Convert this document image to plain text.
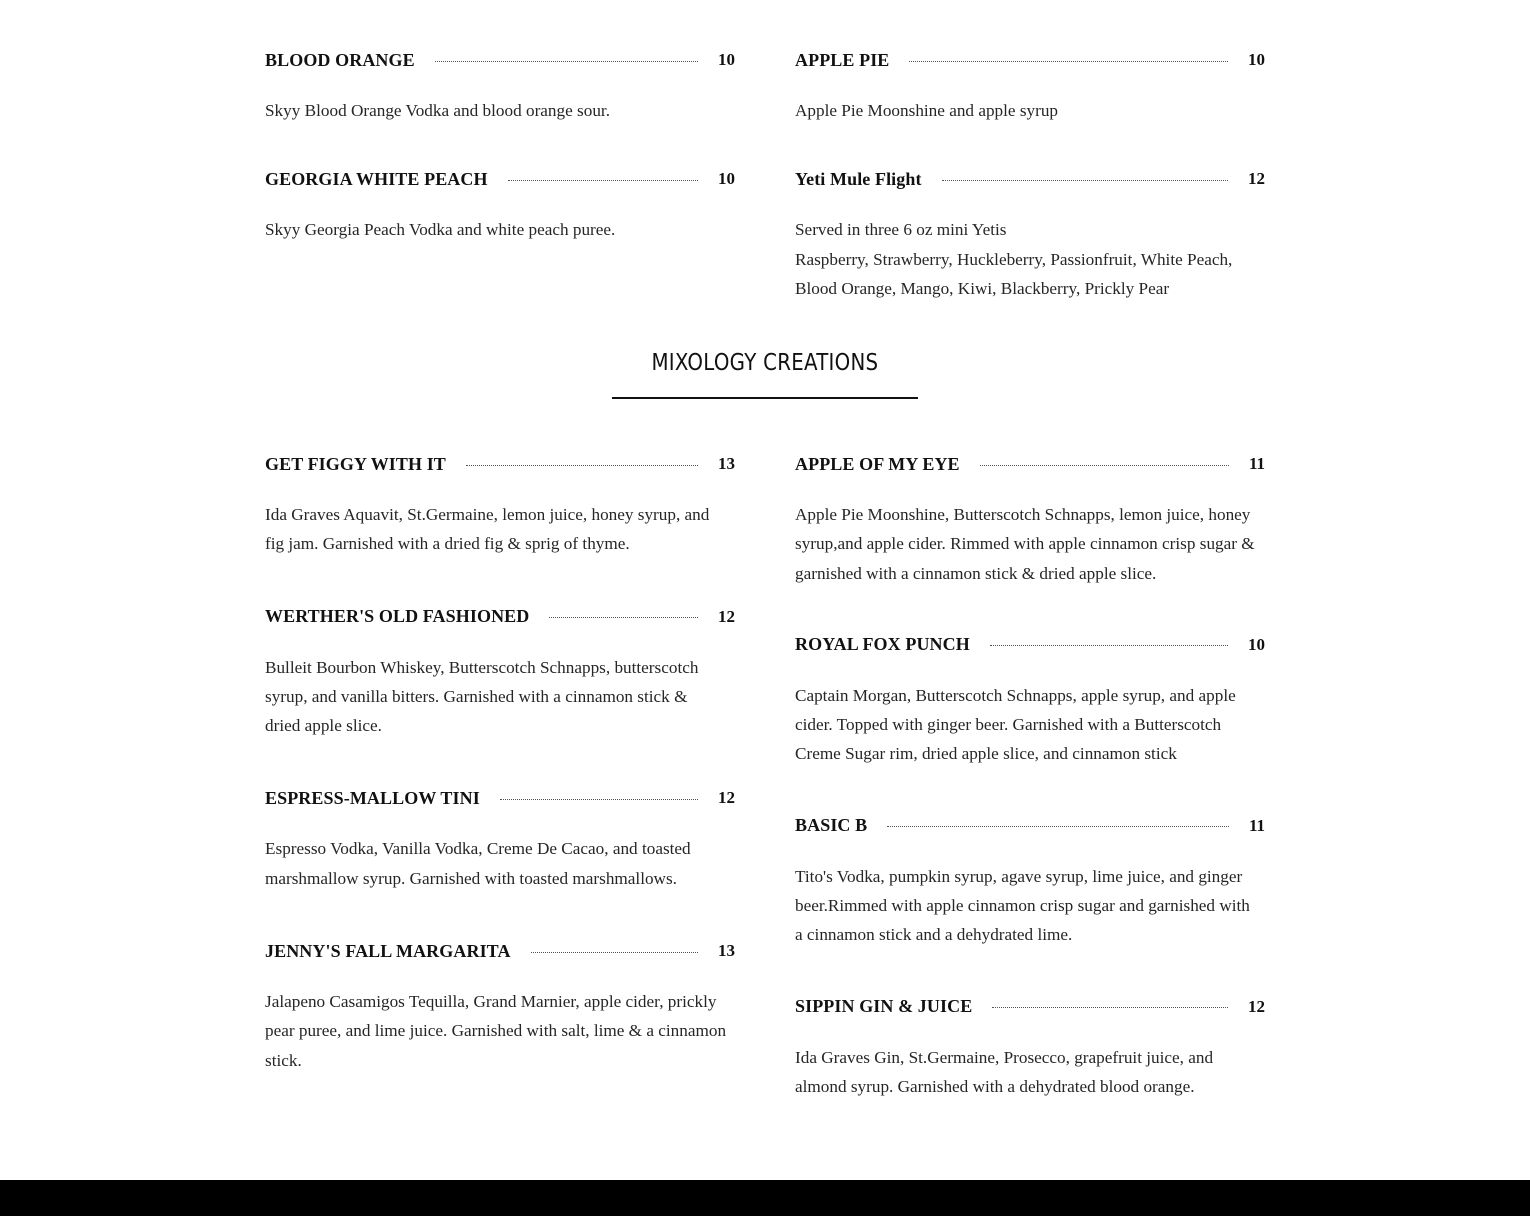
BLOOD ORANGE	10
Skyy Blood Orange Vodka and blood orange sour.
GEORGIA WHITE PEACH	10
Skyy Georgia Peach Vodka and white peach puree.
APPLE PIE	10
Apple Pie Moonshine and apple syrup
Yeti Mule Flight	12
Served in three 6 oz mini Yetis
Raspberry, Strawberry, Huckleberry, Passionfruit, White Peach,
Blood Orange, Mango, Kiwi, Blackberry, Prickly Pear
MIXOLOGY CREATIONS
GET FIGGY WITH IT	13
Ida Graves Aquavit, St.Germaine, lemon juice, honey syrup, and
fig jam. Garnished with a dried fig & sprig of thyme.
WERTHER'S OLD FASHIONED	12
Bulleit Bourbon Whiskey, Butterscotch Schnapps, butterscotch
syrup, and vanilla bitters. Garnished with a cinnamon stick &
dried apple slice.
ESPRESS-MALLOW TINI	12
Espresso Vodka, Vanilla Vodka, Creme De Cacao, and toasted
marshmallow syrup. Garnished with toasted marshmallows.
JENNY'S FALL MARGARITA	13
Jalapeno Casamigos Tequilla, Grand Marnier, apple cider, prickly
pear puree, and lime juice. Garnished with salt, lime & a cinnamon
stick.
APPLE OF MY EYE	11
Apple Pie Moonshine, Butterscotch Schnapps, lemon juice, honey
syrup,and apple cider. Rimmed with apple cinnamon crisp sugar &
garnished with a cinnamon stick & dried apple slice.
ROYAL FOX PUNCH	10
Captain Morgan, Butterscotch Schnapps, apple syrup, and apple
cider. Topped with ginger beer. Garnished with a Butterscotch
Creme Sugar rim, dried apple slice, and cinnamon stick
BASIC B	11
Tito's Vodka, pumpkin syrup, agave syrup, lime juice, and ginger
beer.Rimmed with apple cinnamon crisp sugar and garnished with
a cinnamon stick and a dehydrated lime.
SIPPIN GIN & JUICE	12
Ida Graves Gin, St.Germaine, Prosecco, grapefruit juice, and
almond syrup. Garnished with a dehydrated blood orange.
